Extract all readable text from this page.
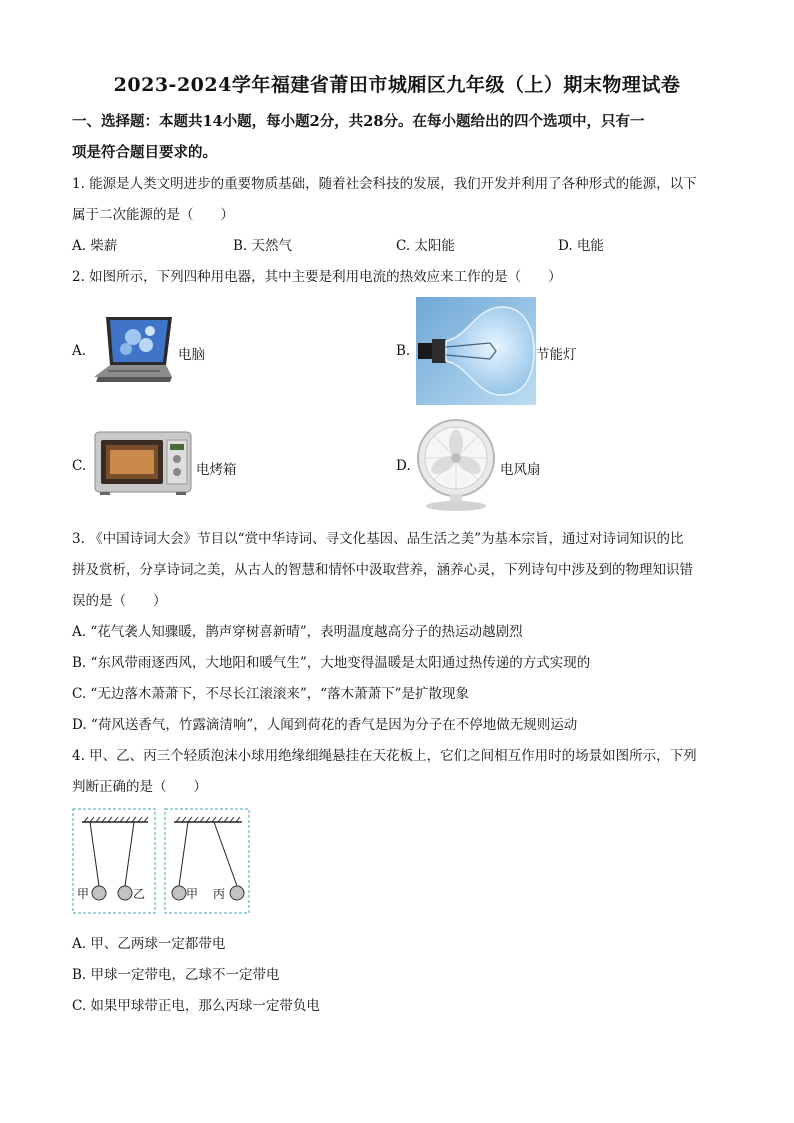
2023-2024学年福建省莆田市城厢区九年级（上）期末物理试卷
一、选择题：本题共14小题，每小题2分，共28分。在每小题给出的四个选项中，只有一
项是符合题目要求的。
1. 能源是人类文明进步的重要物质基础，随着社会科技的发展，我们开发并利用了各种形式的能源，以下
属于二次能源的是（　　）
A. 柴薪	B. 天然气	C. 太阳能	D. 电能
2. 如图所示，下列四种用电器，其中主要是利用电流的热效应来工作的是（　　）
A.	电脑	B.	节能灯
C.	电烤箱	D.	电风扇
3. 《中国诗词大会》节目以“赏中华诗词、寻文化基因、品生活之美”为基本宗旨，通过对诗词知识的比
拼及赏析，分享诗词之美，从古人的智慧和情怀中汲取营养，涵养心灵，下列诗句中涉及到的物理知识错
误的是（　　）
A. “花气袭人知骤暖，鹊声穿树喜新晴”，表明温度越高分子的热运动越剧烈
B. “东风带雨逐西风，大地阳和暖气生”，大地变得温暖是太阳通过热传递的方式实现的
C. “无边落木萧萧下，不尽长江滚滚来”，“落木萧萧下”是扩散现象
D. “荷风送香气，竹露滴清响”，人闻到荷花的香气是因为分子在不停地做无规则运动
4. 甲、乙、丙三个轻质泡沫小球用绝缘细绳悬挂在天花板上，它们之间相互作用时的场景如图所示，下列
判断正确的是（　　）
甲	乙	甲 丙
A. 甲、乙两球一定都带电
B. 甲球一定带电，乙球不一定带电
C. 如果甲球带正电，那么丙球一定带负电
